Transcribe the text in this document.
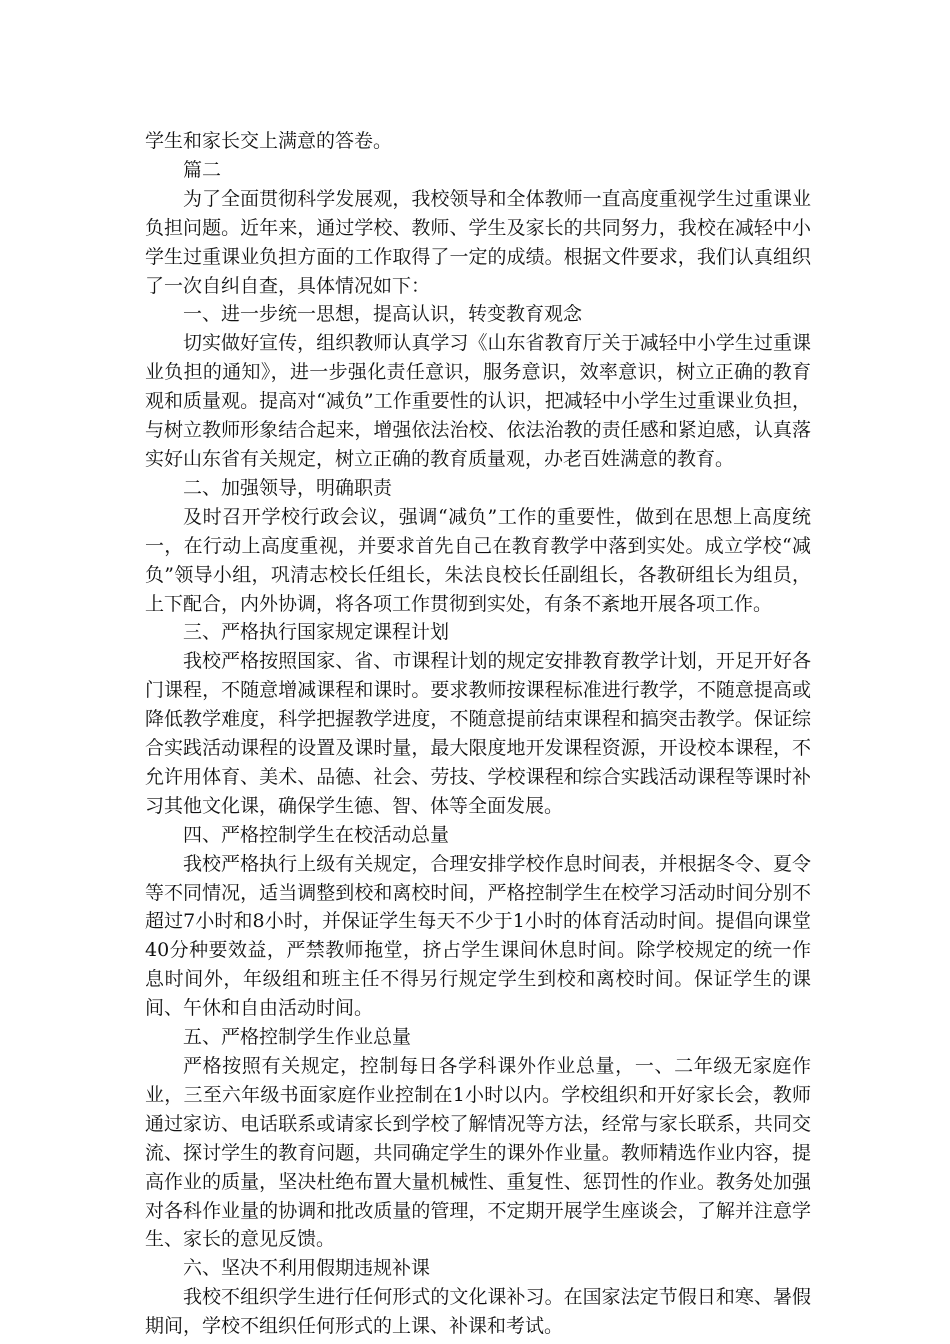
学生和家长交上满意的答卷。

篇二

为了全面贯彻科学发展观，我校领导和全体教师一直高度重视学生过重课业负担问题。近年来，通过学校、教师、学生及家长的共同努力，我校在减轻中小学生过重课业负担方面的工作取得了一定的成绩。根据文件要求，我们认真组织了一次自纠自查，具体情况如下：

一、进一步统一思想，提高认识，转变教育观念

切实做好宣传，组织教师认真学习《山东省教育厅关于减轻中小学生过重课业负担的通知》，进一步强化责任意识，服务意识，效率意识，树立正确的教育观和质量观。提高对“减负”工作重要性的认识，把减轻中小学生过重课业负担，与树立教师形象结合起来，增强依法治校、依法治教的责任感和紧迫感，认真落实好山东省有关规定，树立正确的教育质量观，办老百姓满意的教育。

二、加强领导，明确职责

及时召开学校行政会议，强调“减负”工作的重要性，做到在思想上高度统一，在行动上高度重视，并要求首先自己在教育教学中落到实处。成立学校“减负”领导小组，巩清志校长任组长，朱法良校长任副组长，各教研组长为组员，上下配合，内外协调，将各项工作贯彻到实处，有条不紊地开展各项工作。

三、严格执行国家规定课程计划

我校严格按照国家、省、市课程计划的规定安排教育教学计划，开足开好各门课程，不随意增减课程和课时。要求教师按课程标准进行教学，不随意提高或降低教学难度，科学把握教学进度，不随意提前结束课程和搞突击教学。保证综合实践活动课程的设置及课时量，最大限度地开发课程资源，开设校本课程，不允许用体育、美术、品德、社会、劳技、学校课程和综合实践活动课程等课时补习其他文化课，确保学生德、智、体等全面发展。

四、严格控制学生在校活动总量

我校严格执行上级有关规定，合理安排学校作息时间表，并根据冬令、夏令等不同情况，适当调整到校和离校时间，严格控制学生在校学习活动时间分别不超过7小时和8小时，并保证学生每天不少于1小时的体育活动时间。提倡向课堂40分种要效益，严禁教师拖堂，挤占学生课间休息时间。除学校规定的统一作息时间外，年级组和班主任不得另行规定学生到校和离校时间。保证学生的课间、午休和自由活动时间。

五、严格控制学生作业总量

严格按照有关规定，控制每日各学科课外作业总量，一、二年级无家庭作业，三至六年级书面家庭作业控制在1小时以内。学校组织和开好家长会，教师通过家访、电话联系或请家长到学校了解情况等方法，经常与家长联系，共同交流、探讨学生的教育问题，共同确定学生的课外作业量。教师精选作业内容，提高作业的质量，坚决杜绝布置大量机械性、重复性、惩罚性的作业。教务处加强对各科作业量的协调和批改质量的管理，不定期开展学生座谈会，了解并注意学生、家长的意见反馈。

六、坚决不利用假期违规补课

我校不组织学生进行任何形式的文化课补习。在国家法定节假日和寒、暑假期间，学校不组织任何形式的上课、补课和考试。
